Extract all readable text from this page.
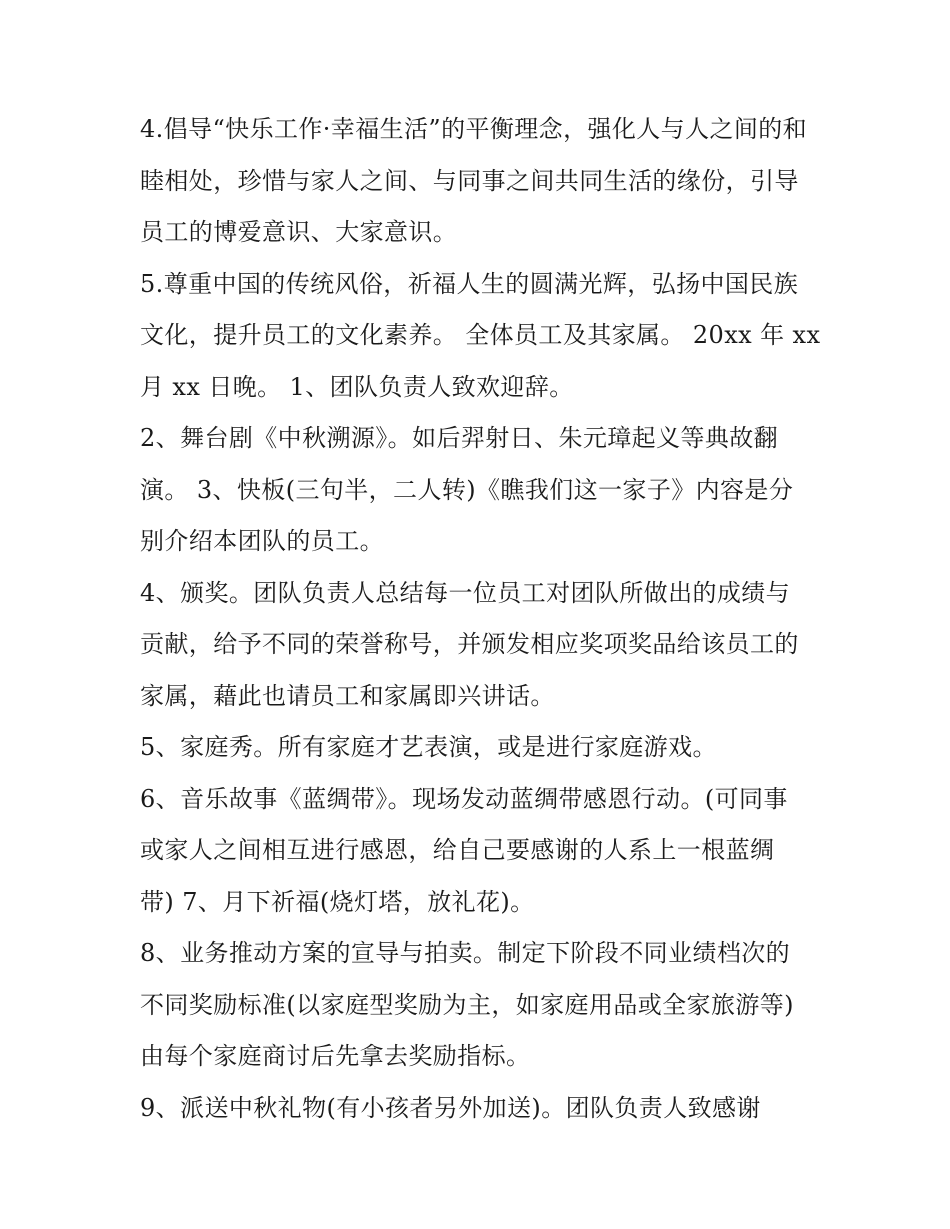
4.倡导“快乐工作·幸福生活”的平衡理念，强化人与人之间的和
睦相处，珍惜与家人之间、与同事之间共同生活的缘份，引导
员工的博爱意识、大家意识。
5.尊重中国的传统风俗，祈福人生的圆满光辉，弘扬中国民族
文化，提升员工的文化素养。 全体员工及其家属。 20xx 年 xx
月 xx 日晚。 1、团队负责人致欢迎辞。
2、舞台剧《中秋溯源》。如后羿射日、朱元璋起义等典故翻
演。 3、快板(三句半，二人转)《瞧我们这一家子》内容是分
别介绍本团队的员工。
4、颁奖。团队负责人总结每一位员工对团队所做出的成绩与
贡献，给予不同的荣誉称号，并颁发相应奖项奖品给该员工的
家属，藉此也请员工和家属即兴讲话。
5、家庭秀。所有家庭才艺表演，或是进行家庭游戏。
6、音乐故事《蓝绸带》。现场发动蓝绸带感恩行动。(可同事
或家人之间相互进行感恩，给自己要感谢的人系上一根蓝绸
带) 7、月下祈福(烧灯塔，放礼花)。
8、业务推动方案的宣导与拍卖。制定下阶段不同业绩档次的
不同奖励标准(以家庭型奖励为主，如家庭用品或全家旅游等)
由每个家庭商讨后先拿去奖励指标。
9、派送中秋礼物(有小孩者另外加送)。团队负责人致感谢
